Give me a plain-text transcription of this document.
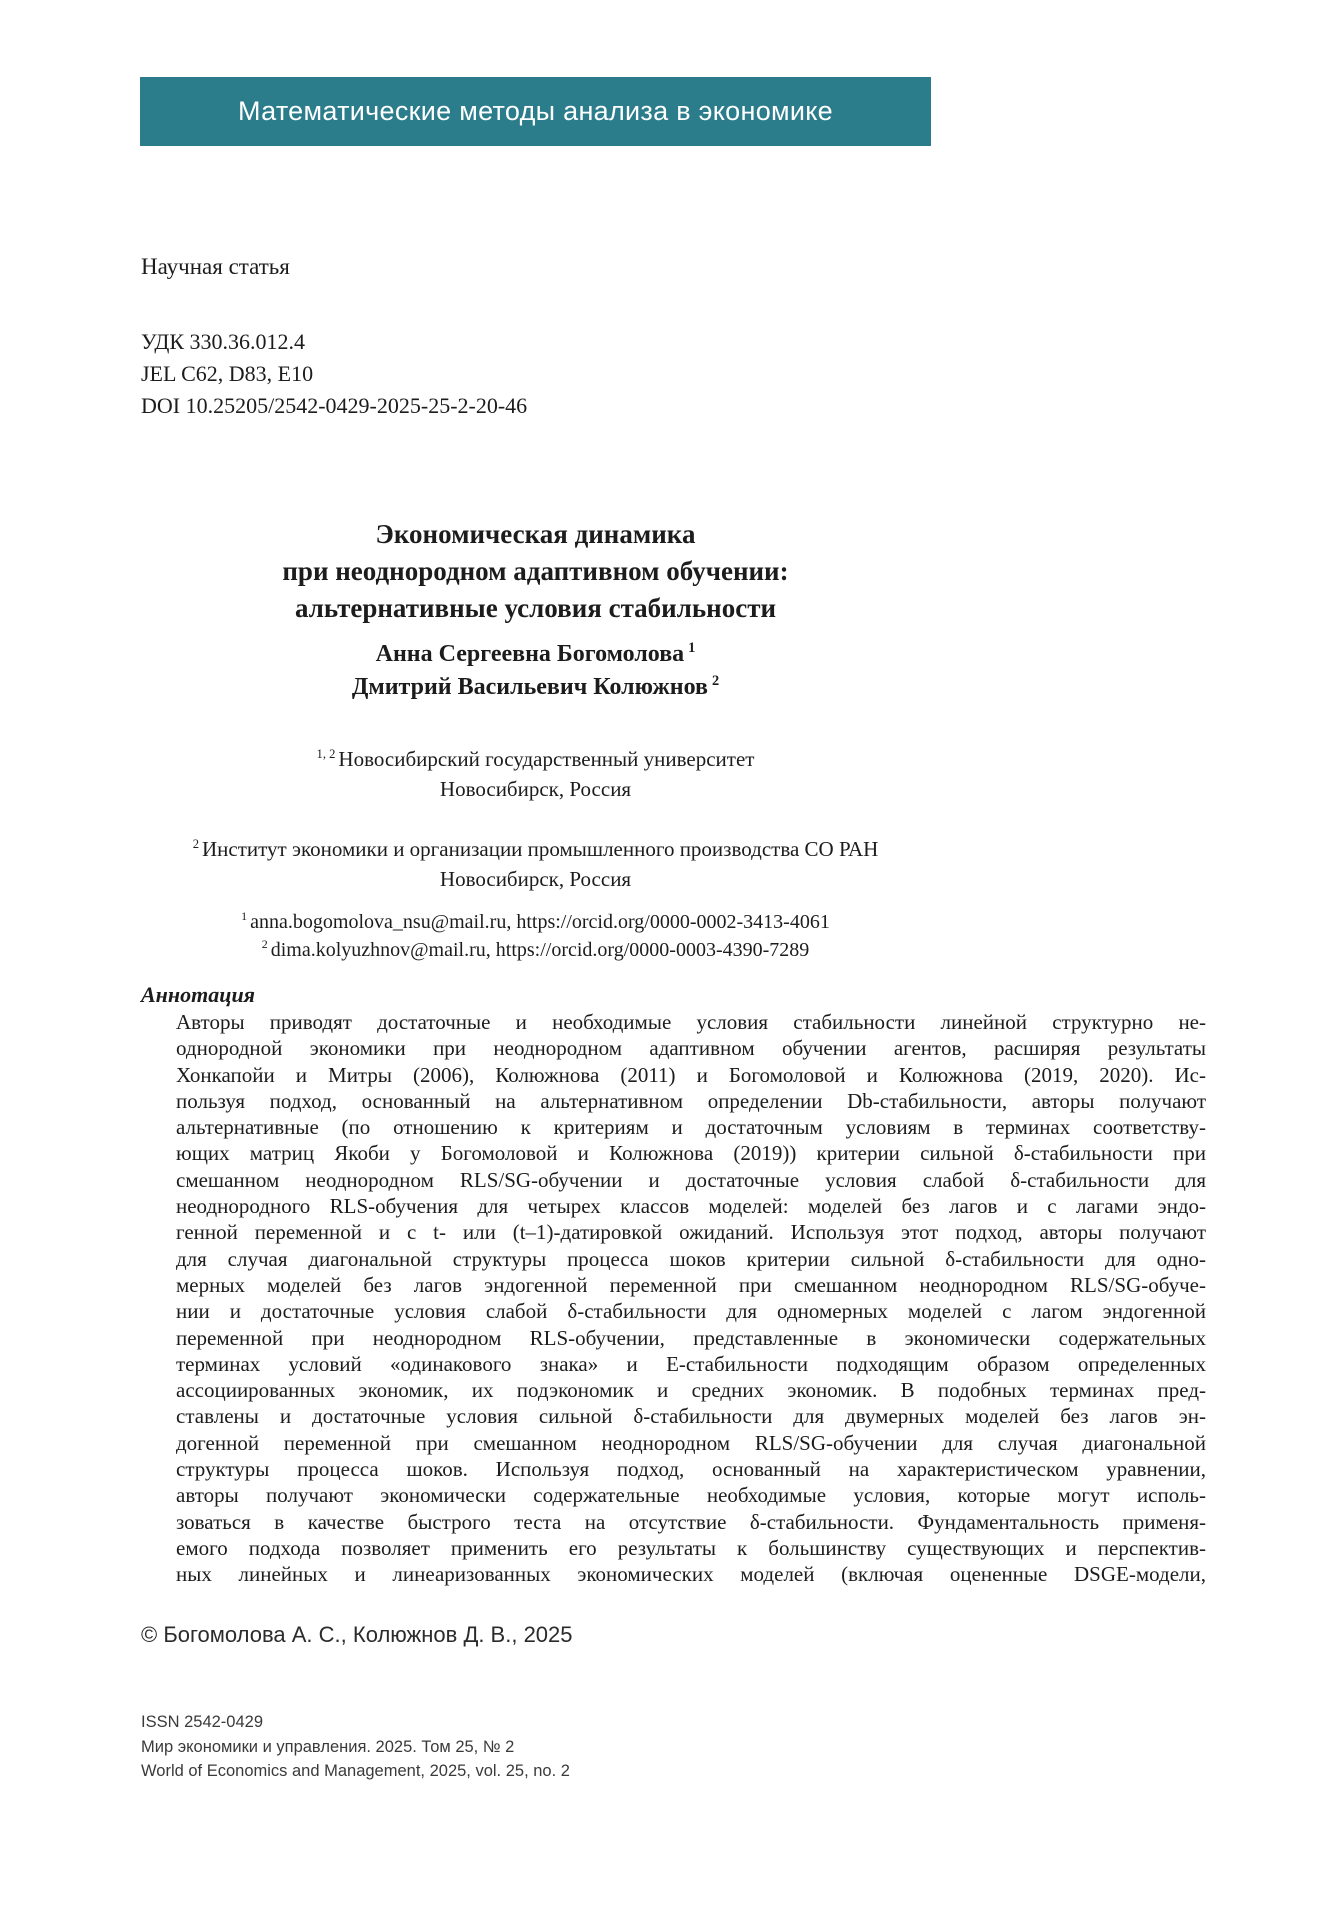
Математические методы анализа в экономике
Научная статья
УДК 330.36.012.4
JEL C62, D83, E10
DOI 10.25205/2542-0429-2025-25-2-20-46
Экономическая динамика
при неоднородном адаптивном обучении:
альтернативные условия стабильности
Анна Сергеевна Богомолова $^1$
Дмитрий Васильевич Колюжнов $^2$
$^{1, 2}$ Новосибирский государственный университет
Новосибирск, Россия
$^2$ Институт экономики и организации промышленного производства СО РАН
Новосибирск, Россия
$^1$ anna.bogomolova_nsu@mail.ru, https://orcid.org/0000-0002-3413-4061
$^2$ dima.kolyuzhnov@mail.ru, https://orcid.org/0000-0003-4390-7289
Аннотация
Авторы приводят достаточные и необходимые условия стабильности линейной структурно не-
однородной экономики при неоднородном адаптивном обучении агентов, расширяя результаты
Хонкапойи и Митры (2006), Колюжнова (2011) и Богомоловой и Колюжнова (2019, 2020). Ис-
пользуя подход, основанный на альтернативном определении Db-стабильности, авторы получают
альтернативные (по отношению к критериям и достаточным условиям в терминах соответству-
ющих матриц Якоби у Богомоловой и Колюжнова (2019)) критерии сильной δ-стабильности при
смешанном неоднородном RLS/SG-обучении и достаточные условия слабой δ-стабильности для
неоднородного RLS-обучения для четырех классов моделей: моделей без лагов и с лагами эндо-
генной переменной и с t- или (t–1)-датировкой ожиданий. Используя этот подход, авторы получают
для случая диагональной структуры процесса шоков критерии сильной δ-стабильности для одно-
мерных моделей без лагов эндогенной переменной при смешанном неоднородном RLS/SG-обуче-
нии и достаточные условия слабой δ-стабильности для одномерных моделей с лагом эндогенной
переменной при неоднородном RLS-обучении, представленные в экономически содержательных
терминах условий «одинакового знака» и E-стабильности подходящим образом определенных
ассоциированных экономик, их подэкономик и средних экономик. В подобных терминах пред-
ставлены и достаточные условия сильной δ-стабильности для двумерных моделей без лагов эн-
догенной переменной при смешанном неоднородном RLS/SG-обучении для случая диагональной
структуры процесса шоков. Используя подход, основанный на характеристическом уравнении,
авторы получают экономически содержательные необходимые условия, которые могут исполь-
зоваться в качестве быстрого теста на отсутствие δ-стабильности. Фундаментальность применя-
емого подхода позволяет применить его результаты к большинству существующих и перспектив-
ных линейных и линеаризованных экономических моделей (включая оцененные DSGE-модели,
© Богомолова А. С., Колюжнов Д. В., 2025
ISSN 2542-0429
Мир экономики и управления. 2025. Том 25, № 2
World of Economics and Management, 2025, vol. 25, no. 2
